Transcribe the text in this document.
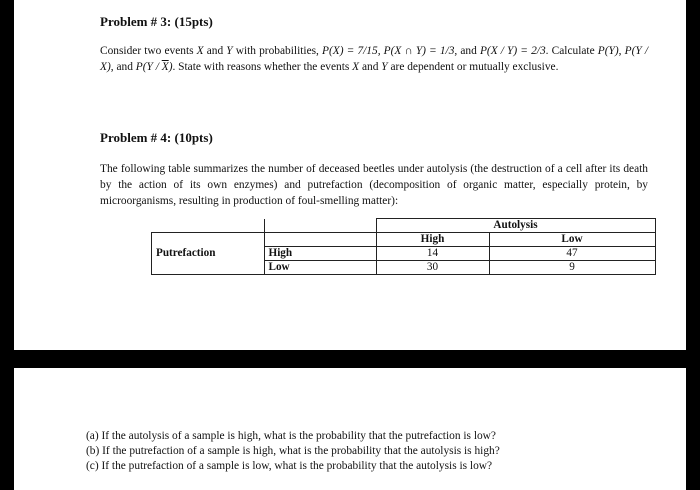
Problem # 3: (15pts)
Consider two events X and Y with probabilities, P(X) = 7/15, P(X ∩ Y) = 1/3, and P(X / Y) = 2/3. Calculate P(Y), P(Y / X), and $P(Y / \overline{X})$. State with reasons whether the events X and Y are dependent or mutually exclusive.
Problem # 4: (10pts)
The following table summarizes the number of deceased beetles under autolysis (the destruction of a cell after its death by the action of its own enzymes) and putrefaction (decomposition of organic matter, especially protein, by microorganisms, resulting in production of foul-smelling matter):
		Autolysis	
		High	Low
Putrefaction	High	14	47
	Low	30	9
(a) If the autolysis of a sample is high, what is the probability that the putrefaction is low?
(b) If the putrefaction of a sample is high, what is the probability that the autolysis is high?
(c) If the putrefaction of a sample is low, what is the probability that the autolysis is low?
